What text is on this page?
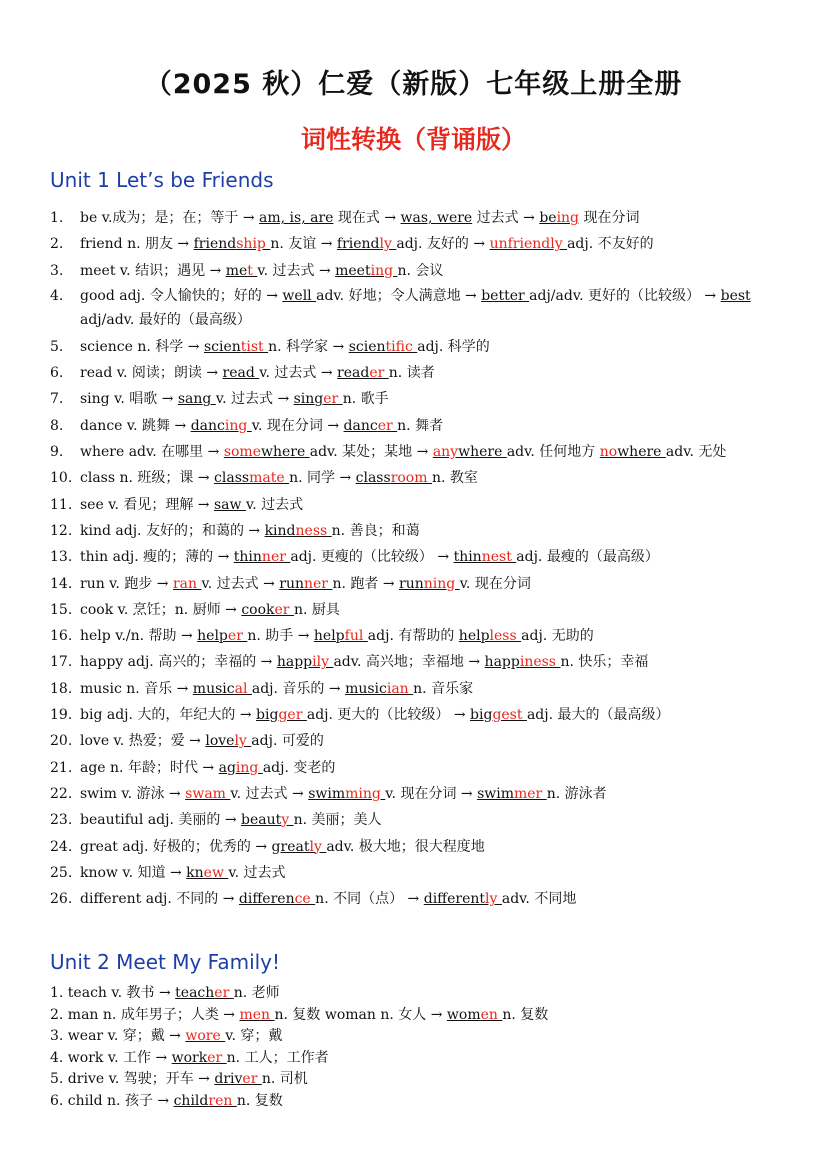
（2025 秋）仁爱（新版）七年级上册全册
词性转换（背诵版）
Unit 1 Let’s be Friends
1. be v.成为；是；在；等于 → am, is, are 现在式 → was, were 过去式 → being 现在分词
2. friend n. 朋友 → friendship n. 友谊 → friendly adj. 友好的 → unfriendly adj. 不友好的
3. meet v. 结识；遇见 → met v. 过去式 → meeting n. 会议
4.	good adj. 令人愉快的；好的 → well adv. 好地；令人满意地 → better adj/adv. 更好的（比较级） → best adj/adv. 最好的（最高级）
5. science n. 科学 → scientist n. 科学家 → scientific adj. 科学的
6. read v. 阅读；朗读 → read v. 过去式 → reader n. 读者
7. sing v. 唱歌 → sang v. 过去式 → singer n. 歌手
8. dance v. 跳舞 → dancing v. 现在分词 → dancer n. 舞者
9. where adv. 在哪里 → somewhere adv. 某处；某地 → anywhere adv. 任何地方 nowhere adv. 无处
10. class n. 班级；课 → classmate n. 同学 → classroom n. 教室
11. see v. 看见；理解 → saw v. 过去式
12. kind adj. 友好的；和蔼的 → kindness n. 善良；和蔼
13. thin adj. 瘦的；薄的 → thinner adj. 更瘦的（比较级） → thinnest adj. 最瘦的（最高级）
14. run v. 跑步 → ran v. 过去式 → runner n. 跑者 → running v. 现在分词
15. cook v. 烹饪；n. 厨师 → cooker n. 厨具
16. help v./n. 帮助 → helper n. 助手 → helpful adj. 有帮助的 helpless adj. 无助的
17. happy adj. 高兴的；幸福的 → happily adv. 高兴地；幸福地 → happiness n. 快乐；幸福
18. music n. 音乐 → musical adj. 音乐的 → musician n. 音乐家
19. big adj. 大的，年纪大的 → bigger adj. 更大的（比较级） → biggest adj. 最大的（最高级）
20. love v. 热爱；爱 → lovely adj. 可爱的
21. age n. 年龄；时代 → aging adj. 变老的
22. swim v. 游泳 → swam v. 过去式 → swimming v. 现在分词 → swimmer n. 游泳者
23. beautiful adj. 美丽的 → beauty n. 美丽；美人
24. great adj. 好极的；优秀的 → greatly adv. 极大地；很大程度地
25. know v. 知道 → knew v. 过去式
26. different adj. 不同的 → difference n. 不同（点） → differently adv. 不同地
Unit 2 Meet My Family!
1. teach v. 教书 → teacher n. 老师
2. man n. 成年男子；人类 → men n. 复数 woman n. 女人 → women n. 复数
3. wear v. 穿；戴 → wore v. 穿；戴
4. work v. 工作 → worker n. 工人；工作者
5. drive v. 驾驶；开车 → driver n. 司机
6. child n. 孩子 → children n. 复数
